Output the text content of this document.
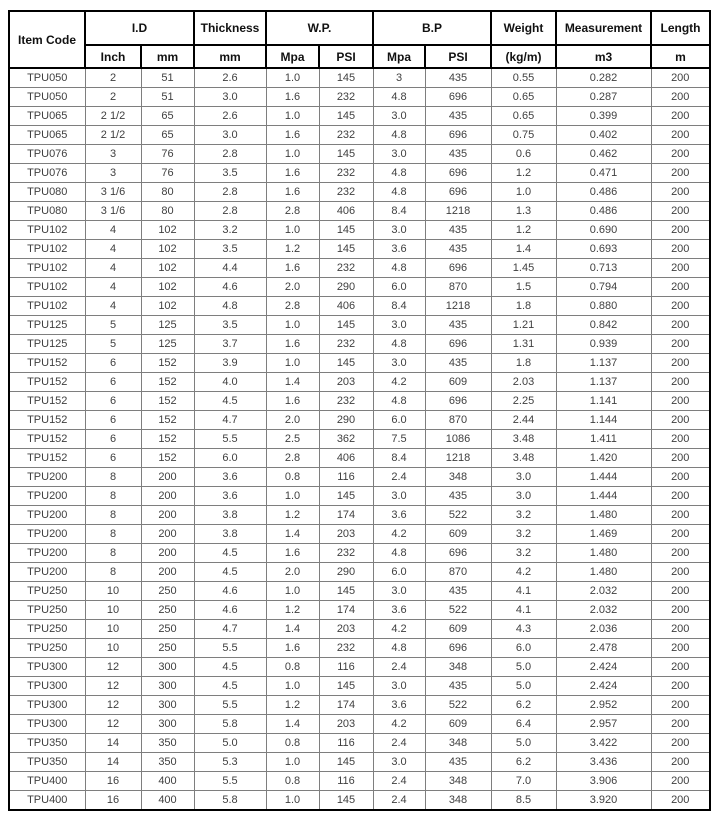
Item Code	I.D		Thickness	W.P.		B.P		Weight	Measurement	Length
	Inch	mm	mm	Mpa	PSI	Mpa	PSI	(kg/m)	m3	m
TPU050	2	51	2.6	1.0	145	3	435	0.55	0.282	200
TPU050	2	51	3.0	1.6	232	4.8	696	0.65	0.287	200
TPU065	2 1/2	65	2.6	1.0	145	3.0	435	0.65	0.399	200
TPU065	2 1/2	65	3.0	1.6	232	4.8	696	0.75	0.402	200
TPU076	3	76	2.8	1.0	145	3.0	435	0.6	0.462	200
TPU076	3	76	3.5	1.6	232	4.8	696	1.2	0.471	200
TPU080	3 1/6	80	2.8	1.6	232	4.8	696	1.0	0.486	200
TPU080	3 1/6	80	2.8	2.8	406	8.4	1218	1.3	0.486	200
TPU102	4	102	3.2	1.0	145	3.0	435	1.2	0.690	200
TPU102	4	102	3.5	1.2	145	3.6	435	1.4	0.693	200
TPU102	4	102	4.4	1.6	232	4.8	696	1.45	0.713	200
TPU102	4	102	4.6	2.0	290	6.0	870	1.5	0.794	200
TPU102	4	102	4.8	2.8	406	8.4	1218	1.8	0.880	200
TPU125	5	125	3.5	1.0	145	3.0	435	1.21	0.842	200
TPU125	5	125	3.7	1.6	232	4.8	696	1.31	0.939	200
TPU152	6	152	3.9	1.0	145	3.0	435	1.8	1.137	200
TPU152	6	152	4.0	1.4	203	4.2	609	2.03	1.137	200
TPU152	6	152	4.5	1.6	232	4.8	696	2.25	1.141	200
TPU152	6	152	4.7	2.0	290	6.0	870	2.44	1.144	200
TPU152	6	152	5.5	2.5	362	7.5	1086	3.48	1.411	200
TPU152	6	152	6.0	2.8	406	8.4	1218	3.48	1.420	200
TPU200	8	200	3.6	0.8	116	2.4	348	3.0	1.444	200
TPU200	8	200	3.6	1.0	145	3.0	435	3.0	1.444	200
TPU200	8	200	3.8	1.2	174	3.6	522	3.2	1.480	200
TPU200	8	200	3.8	1.4	203	4.2	609	3.2	1.469	200
TPU200	8	200	4.5	1.6	232	4.8	696	3.2	1.480	200
TPU200	8	200	4.5	2.0	290	6.0	870	4.2	1.480	200
TPU250	10	250	4.6	1.0	145	3.0	435	4.1	2.032	200
TPU250	10	250	4.6	1.2	174	3.6	522	4.1	2.032	200
TPU250	10	250	4.7	1.4	203	4.2	609	4.3	2.036	200
TPU250	10	250	5.5	1.6	232	4.8	696	6.0	2.478	200
TPU300	12	300	4.5	0.8	116	2.4	348	5.0	2.424	200
TPU300	12	300	4.5	1.0	145	3.0	435	5.0	2.424	200
TPU300	12	300	5.5	1.2	174	3.6	522	6.2	2.952	200
TPU300	12	300	5.8	1.4	203	4.2	609	6.4	2.957	200
TPU350	14	350	5.0	0.8	116	2.4	348	5.0	3.422	200
TPU350	14	350	5.3	1.0	145	3.0	435	6.2	3.436	200
TPU400	16	400	5.5	0.8	116	2.4	348	7.0	3.906	200
TPU400	16	400	5.8	1.0	145	2.4	348	8.5	3.920	200
